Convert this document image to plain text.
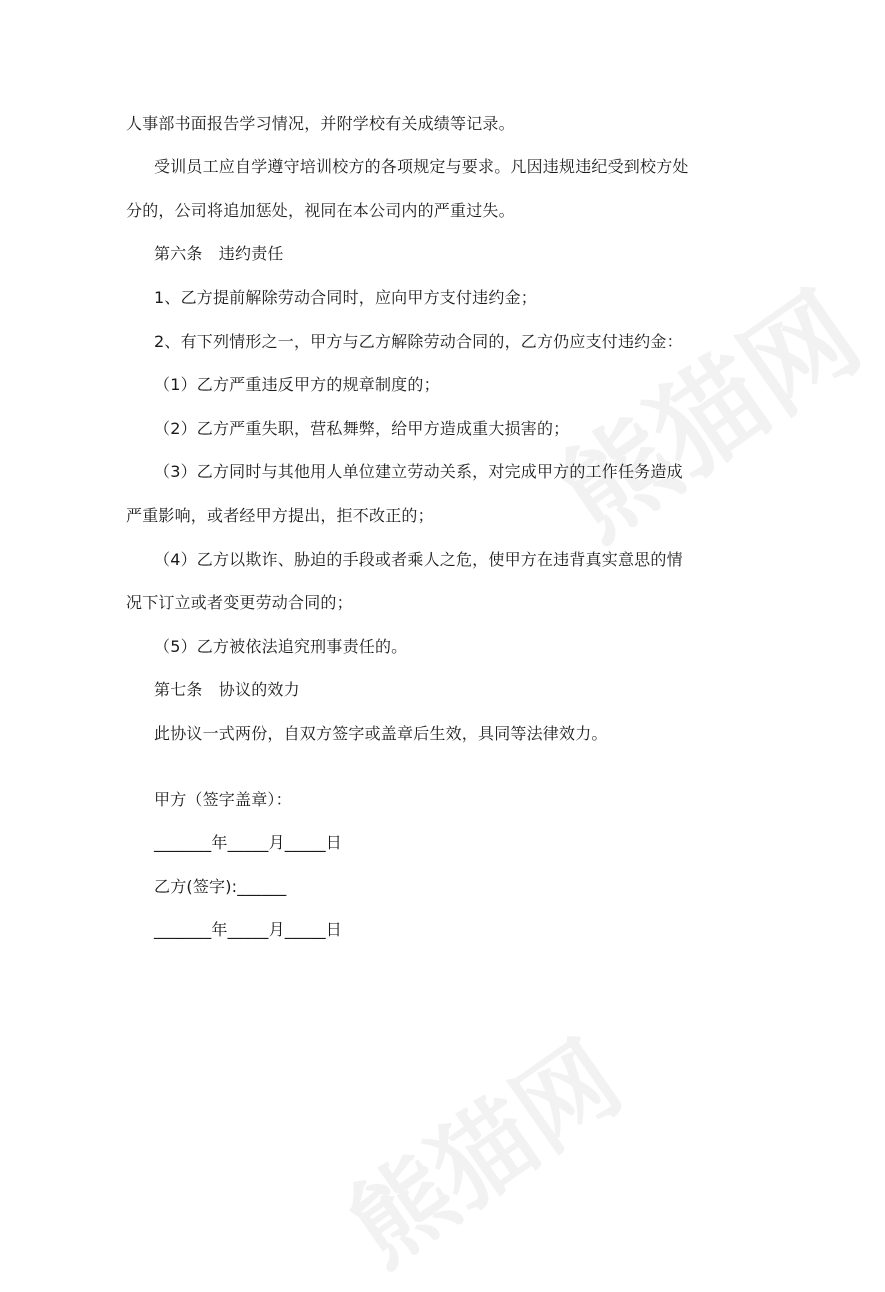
熊猫网
熊猫网
人事部书面报告学习情况，并附学校有关成绩等记录。
受训员工应自学遵守培训校方的各项规定与要求。凡因违规违纪受到校方处
分的，公司将追加惩处，视同在本公司内的严重过失。
第六条　违约责任
1、乙方提前解除劳动合同时，应向甲方支付违约金；
2、有下列情形之一，甲方与乙方解除劳动合同的，乙方仍应支付违约金：
（1）乙方严重违反甲方的规章制度的；
（2）乙方严重失职，营私舞弊，给甲方造成重大损害的；
（3）乙方同时与其他用人单位建立劳动关系，对完成甲方的工作任务造成
严重影响，或者经甲方提出，拒不改正的；
（4）乙方以欺诈、胁迫的手段或者乘人之危，使甲方在违背真实意思的情
况下订立或者变更劳动合同的；
（5）乙方被依法追究刑事责任的。
第七条　协议的效力
此协议一式两份，自双方签字或盖章后生效，具同等法律效力。
甲方（签字盖章）：
_______年_____月_____日
乙方(签字):______
_______年_____月_____日
